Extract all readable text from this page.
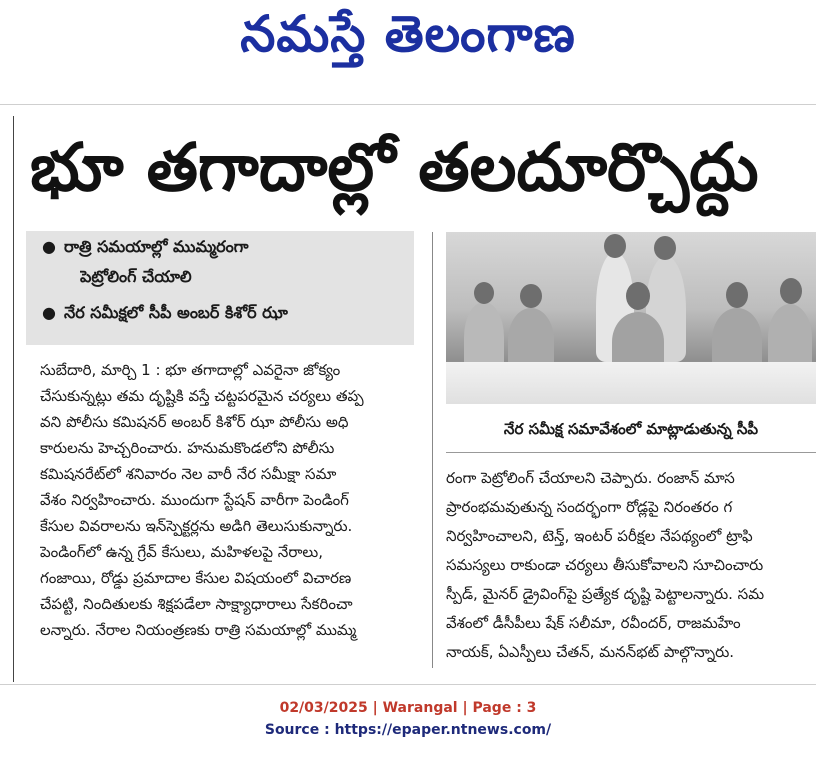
నమస్తే తెలంగాణ
భూ తగాదాల్లో తలదూర్చొద్దు
● రాత్రి సమయాల్లో ముమ్మరంగా
పెట్రోలింగ్ చేయాలి
● నేర సమీక్షలో సీపీ అంబర్ కిశోర్ ఝా
సుబేదారి, మార్చి 1 : భూ తగాదాల్లో ఎవరైనా జోక్యం
చేసుకున్నట్లు తమ దృష్టికి వస్తే చట్టపరమైన చర్యలు తప్ప
వని పోలీసు కమిషనర్ అంబర్ కిశోర్ ఝా పోలీసు అధి
కారులను హెచ్చరించారు. హనుమకొండలోని పోలీసు
కమిషనరేట్‌లో శనివారం నెల వారీ నేర సమీక్షా సమా
వేశం నిర్వహించారు. ముందుగా స్టేషన్ వారీగా పెండింగ్
కేసుల వివరాలను ఇన్‌స్పెక్టర్లను అడిగి తెలుసుకున్నారు.
పెండింగ్‌లో ఉన్న గ్రేవ్ కేసులు, మహిళలపై నేరాలు,
గంజాయి, రోడ్డు ప్రమాదాల కేసుల విషయంలో విచారణ
చేపట్టి, నిందితులకు శిక్షపడేలా సాక్ష్యాధారాలు సేకరించా
లన్నారు. నేరాల నియంత్రణకు రాత్రి సమయాల్లో ముమ్మ
నేర సమీక్ష సమావేశంలో మాట్లాడుతున్న సీపీ
రంగా పెట్రోలింగ్ చేయాలని చెప్పారు. రంజాన్ మాస
ప్రారంభమవుతున్న సందర్భంగా రోడ్లపై నిరంతరం గ
నిర్వహించాలని, టెన్త్, ఇంటర్ పరీక్షల నేపథ్యంలో ట్రాఫి
సమస్యలు రాకుండా చర్యలు తీసుకోవాలని సూచించారు
స్పీడ్, మైనర్ డ్రైవింగ్‌పై ప్రత్యేక దృష్టి పెట్టాలన్నారు. సమ
వేశంలో డీసీపీలు షేక్ సలీమా, రవీందర్, రాజమహేం
నాయక్, ఏఎస్పీలు చేతన్, మనన్‌భట్ పాల్గొన్నారు.
02/03/2025 | Warangal | Page : 3
Source : https://epaper.ntnews.com/
